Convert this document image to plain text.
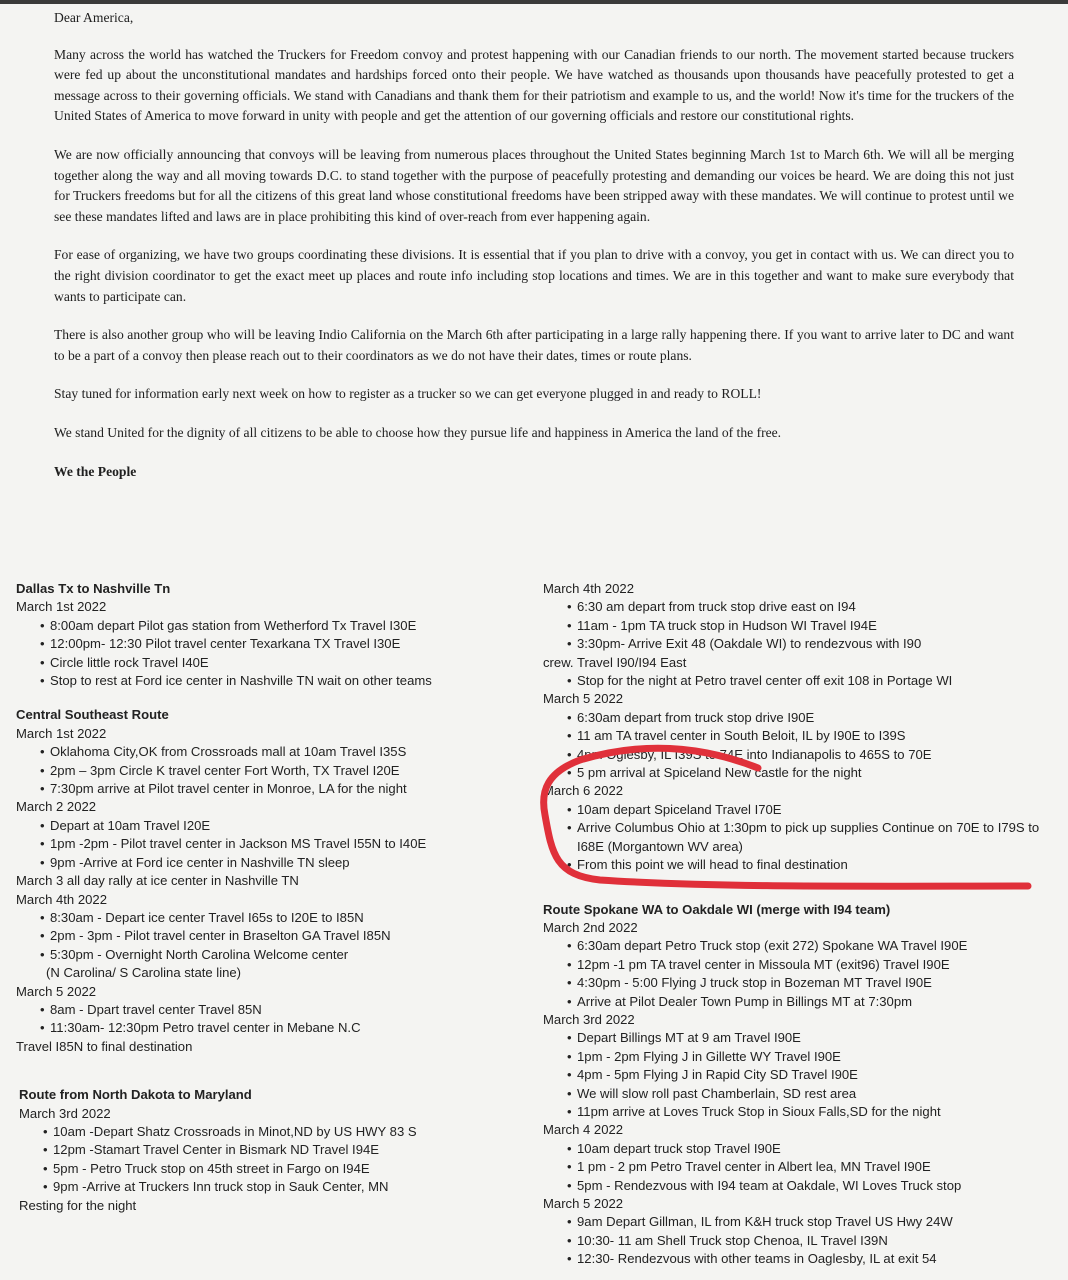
Dear America,

Many across the world has watched the Truckers for Freedom convoy and protest happening with our Canadian friends to our north. The movement started because truckers were fed up about the unconstitutional mandates and hardships forced onto their people. We have watched as thousands upon thousands have peacefully protested to get a message across to their governing officials. We stand with Canadians and thank them for their patriotism and example to us, and the world! Now it's time for the truckers of the United States of America to move forward in unity with people and get the attention of our governing officials and restore our constitutional rights.

We are now officially announcing that convoys will be leaving from numerous places throughout the United States beginning March 1st to March 6th. We will all be merging together along the way and all moving towards D.C. to stand together with the purpose of peacefully protesting and demanding our voices be heard. We are doing this not just for Truckers freedoms but for all the citizens of this great land whose constitutional freedoms have been stripped away with these mandates. We will continue to protest until we see these mandates lifted and laws are in place prohibiting this kind of over-reach from ever happening again.

For ease of organizing, we have two groups coordinating these divisions. It is essential that if you plan to drive with a convoy, you get in contact with us. We can direct you to the right division coordinator to get the exact meet up places and route info including stop locations and times. We are in this together and want to make sure everybody that wants to participate can.

There is also another group who will be leaving Indio California on the March 6th after participating in a large rally happening there. If you want to arrive later to DC and want to be a part of a convoy then please reach out to their coordinators as we do not have their dates, times or route plans.

Stay tuned for information early next week on how to register as a trucker so we can get everyone plugged in and ready to ROLL!

We stand United for the dignity of all citizens to be able to choose how they pursue life and happiness in America the land of the free.

We the People

Dallas Tx to Nashville Tn
March 1st 2022
• 8:00am depart Pilot gas station from Wetherford Tx Travel I30E
• 12:00pm- 12:30 Pilot travel center Texarkana TX Travel I30E
• Circle little rock Travel I40E
• Stop to rest at Ford ice center in Nashville TN wait on other teams
Central Southeast Route
March 1st 2022
• Oklahoma City,OK from Crossroads mall at 10am Travel I35S
• 2pm – 3pm Circle K travel center Fort Worth, TX Travel I20E
• 7:30pm arrive at Pilot travel center in Monroe, LA for the night
March 2 2022
• Depart at 10am Travel I20E
• 1pm -2pm - Pilot travel center in Jackson MS Travel I55N to I40E
• 9pm -Arrive at Ford ice center in Nashville TN sleep
March 3 all day rally at ice center in Nashville TN
March 4th 2022
• 8:30am - Depart ice center Travel I65s to I20E to I85N
• 2pm - 3pm - Pilot travel center in Braselton GA Travel I85N
• 5:30pm - Overnight North Carolina Welcome center
(N Carolina/ S Carolina state line)
March 5 2022
• 8am - Dpart travel center Travel 85N
• 11:30am- 12:30pm Petro travel center in Mebane N.C
Travel I85N to final destination
Route from North Dakota to Maryland
March 3rd 2022
• 10am -Depart Shatz Crossroads in Minot,ND by US HWY 83 S
• 12pm -Stamart Travel Center in Bismark ND Travel I94E
• 5pm - Petro Truck stop on 45th street in Fargo on I94E
• 9pm -Arrive at Truckers Inn truck stop in Sauk Center, MN
Resting for the night
March 4th 2022
• 6:30 am depart from truck stop drive east on I94
• 11am - 1pm TA truck stop in Hudson WI Travel I94E
• 3:30pm- Arrive Exit 48 (Oakdale WI) to rendezvous with I90
crew. Travel I90/I94 East
• Stop for the night at Petro travel center off exit 108 in Portage WI
March 5 2022
• 6:30am depart from truck stop drive I90E
• 11 am TA travel center in South Beloit, IL by I90E to I39S
• 4pm Oglesby, IL I39S to 74E into Indianapolis to 465S to 70E
• 5 pm arrival at Spiceland New castle for the night
March 6 2022
• 10am depart Spiceland Travel I70E
• Arrive Columbus Ohio at 1:30pm to pick up supplies Continue on 70E to I79S to I68E (Morgantown WV area)
• From this point we will head to final destination
Route Spokane WA to Oakdale WI (merge with I94 team)
March 2nd 2022
• 6:30am depart Petro Truck stop (exit 272) Spokane WA Travel I90E
• 12pm -1 pm TA travel center in Missoula MT (exit96) Travel I90E
• 4:30pm - 5:00 Flying J truck stop in Bozeman MT Travel I90E
• Arrive at Pilot Dealer Town Pump in Billings MT at 7:30pm
March 3rd 2022
• Depart Billings MT at 9 am Travel I90E
• 1pm - 2pm Flying J in Gillette WY Travel I90E
• 4pm - 5pm Flying J in Rapid City SD Travel I90E
• We will slow roll past Chamberlain, SD rest area
• 11pm arrive at Loves Truck Stop in Sioux Falls,SD for the night
March 4 2022
• 10am depart truck stop Travel I90E
• 1 pm - 2 pm Petro Travel center in Albert lea, MN Travel I90E
• 5pm - Rendezvous with I94 team at Oakdale, WI Loves Truck stop
March 5 2022
• 9am Depart Gillman, IL from K&H truck stop Travel US Hwy 24W
• 10:30- 11 am Shell Truck stop Chenoa, IL Travel I39N
• 12:30- Rendezvous with other teams in Oaglesby, IL at exit 54
